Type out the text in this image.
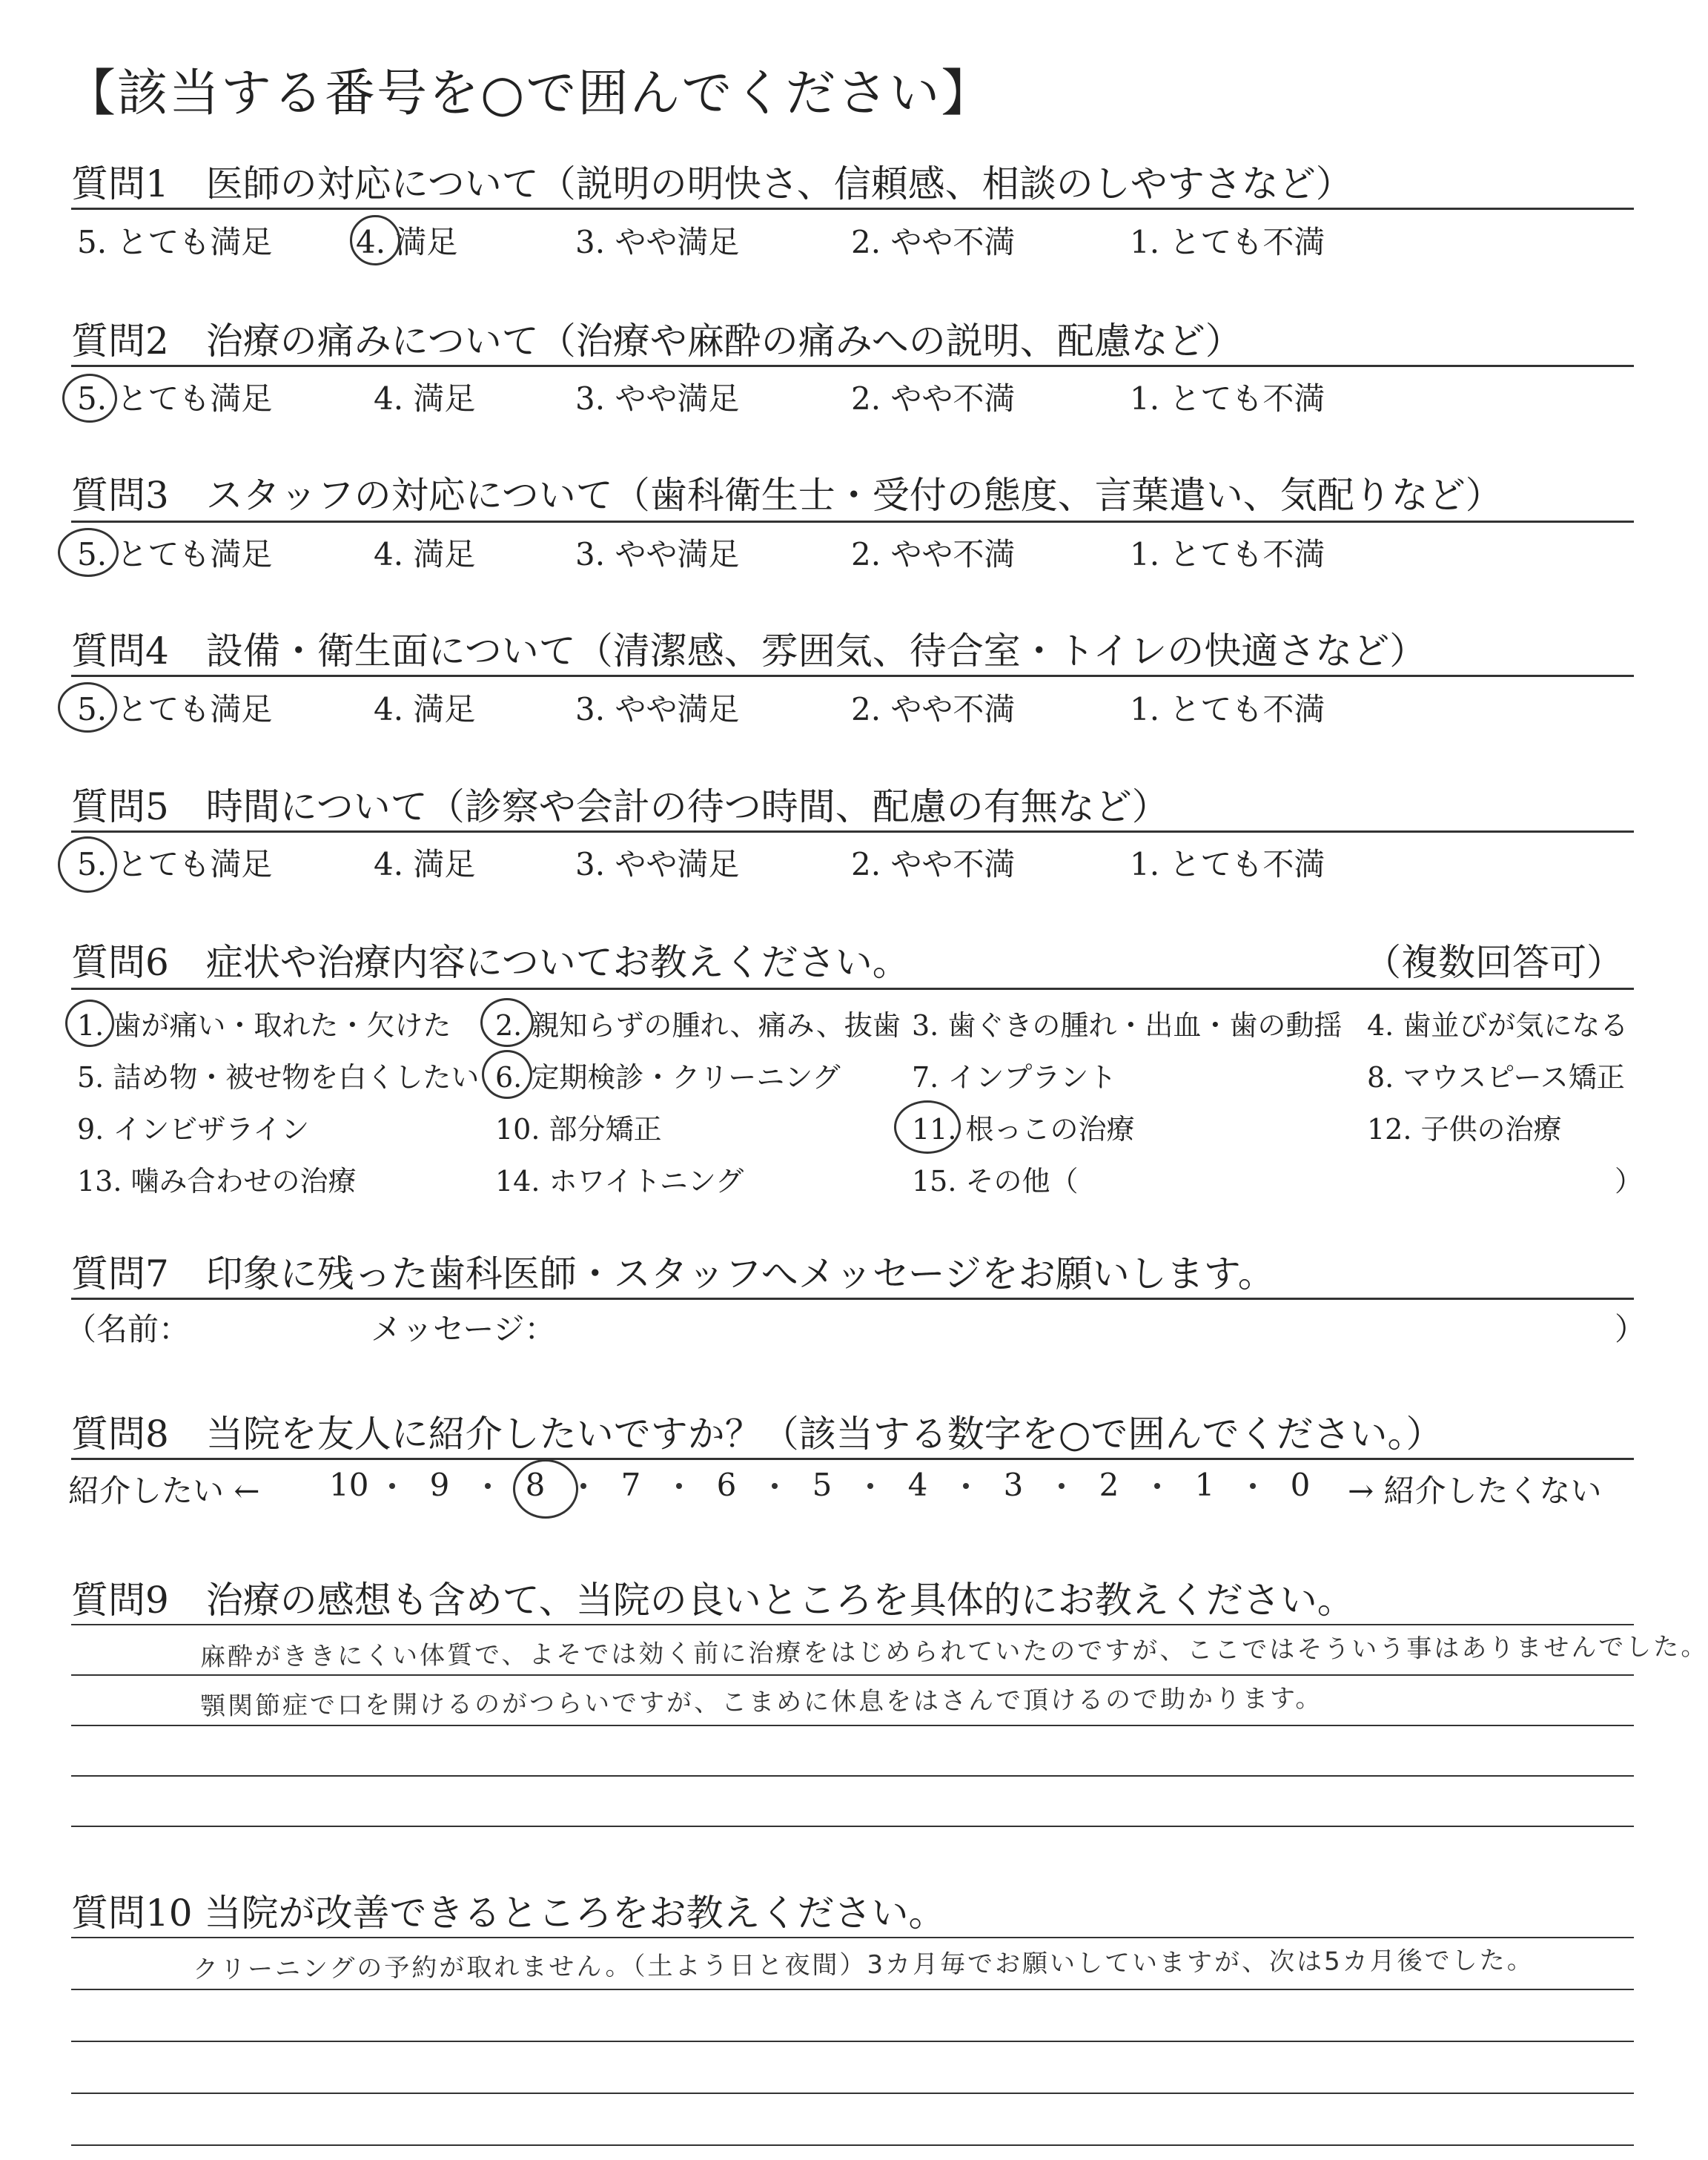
【該当する番号を○で囲んでください】
質問1　医師の対応について（説明の明快さ、信頼感、相談のしやすさなど）
5. とても満足	4. 満足	3. やや満足	2. やや不満	1. とても不満
質問2　治療の痛みについて（治療や麻酔の痛みへの説明、配慮など）
5. とても満足	4. 満足	3. やや満足	2. やや不満	1. とても不満
質問3　スタッフの対応について（歯科衛生士・受付の態度、言葉遣い、気配りなど）
5. とても満足	4. 満足	3. やや満足	2. やや不満	1. とても不満
質問4　設備・衛生面について（清潔感、雰囲気、待合室・トイレの快適さなど）
5. とても満足	4. 満足	3. やや満足	2. やや不満	1. とても不満
質問5　時間について（診察や会計の待つ時間、配慮の有無など）
5. とても満足	4. 満足	3. やや満足	2. やや不満	1. とても不満
質問6　症状や治療内容についてお教えください。	（複数回答可）
1. 歯が痛い・取れた・欠けた 2. 親知らずの腫れ、痛み、抜歯 3. 歯ぐきの腫れ・出血・歯の動揺 4. 歯並びが気になる
5. 詰め物・被せ物を白くしたい 6. 定期検診・クリーニング	7. インプラント	8. マウスピース矯正
9. インビザライン	10. 部分矯正	11. 根っこの治療	12. 子供の治療
13. 噛み合わせの治療	14. ホワイトニング	15. その他（	）
質問7　印象に残った歯科医師・スタッフへメッセージをお願いします。
（名前：	メッセージ：	）
質問8　当院を友人に紹介したいですか？（該当する数字を○で囲んでください。）
紹介したい ←	→ 紹介したくない
10 9 8 7 6 5 4 3 2 1 0
質問9　治療の感想も含めて、当院の良いところを具体的にお教えください。
麻酔がききにくい体質で、よそでは効く前に治療をはじめられていたのですが、ここではそういう事はありませんでした。
顎関節症で口を開けるのがつらいですが、こまめに休息をはさんで頂けるので助かります。
質問10 当院が改善できるところをお教えください。
クリーニングの予約が取れません。（土よう日と夜間）3カ月毎でお願いしていますが、次は5カ月後でした。
